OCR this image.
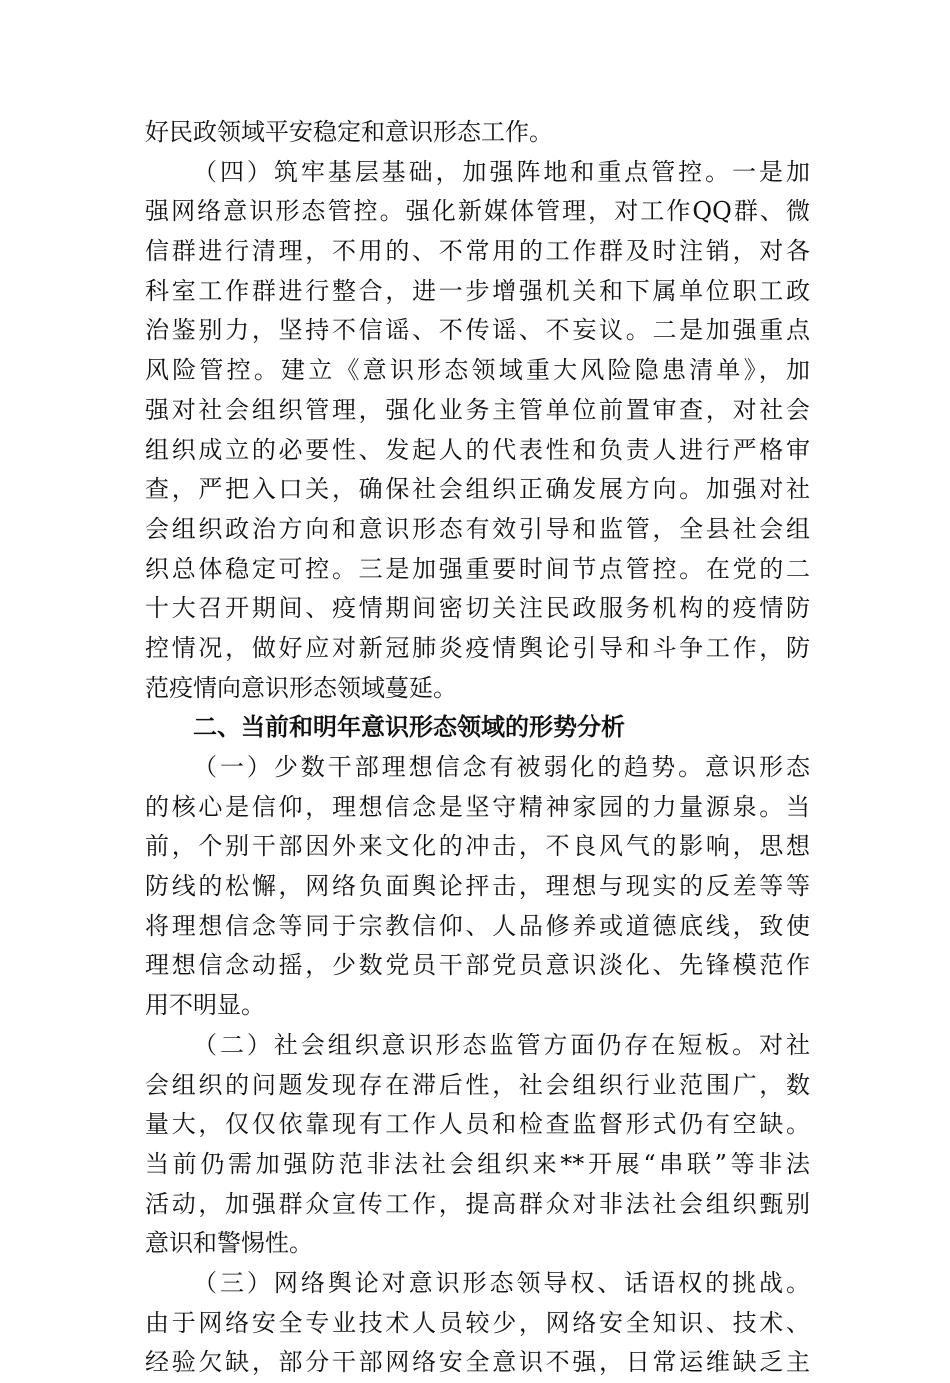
好民政领域平安稳定和意识形态工作。
（四）筑牢基层基础，加强阵地和重点管控。一是加
强网络意识形态管控。强化新媒体管理，对工作QQ群、微
信群进行清理，不用的、不常用的工作群及时注销，对各
科室工作群进行整合，进一步增强机关和下属单位职工政
治鉴别力，坚持不信谣、不传谣、不妄议。二是加强重点
风险管控。建立《意识形态领域重大风险隐患清单》，加
强对社会组织管理，强化业务主管单位前置审查，对社会
组织成立的必要性、发起人的代表性和负责人进行严格审
查，严把入口关，确保社会组织正确发展方向。加强对社
会组织政治方向和意识形态有效引导和监管，全县社会组
织总体稳定可控。三是加强重要时间节点管控。在党的二
十大召开期间、疫情期间密切关注民政服务机构的疫情防
控情况，做好应对新冠肺炎疫情舆论引导和斗争工作，防
范疫情向意识形态领域蔓延。
二、当前和明年意识形态领域的形势分析
（一）少数干部理想信念有被弱化的趋势。意识形态
的核心是信仰，理想信念是坚守精神家园的力量源泉。当
前，个别干部因外来文化的冲击，不良风气的影响，思想
防线的松懈，网络负面舆论抨击，理想与现实的反差等等
将理想信念等同于宗教信仰、人品修养或道德底线，致使
理想信念动摇，少数党员干部党员意识淡化、先锋模范作
用不明显。
（二）社会组织意识形态监管方面仍存在短板。对社
会组织的问题发现存在滞后性，社会组织行业范围广，数
量大，仅仅依靠现有工作人员和检查监督形式仍有空缺。
当前仍需加强防范非法社会组织来**开展“串联”等非法
活动，加强群众宣传工作，提高群众对非法社会组织甄别
意识和警惕性。
（三）网络舆论对意识形态领导权、话语权的挑战。
由于网络安全专业技术人员较少，网络安全知识、技术、
经验欠缺，部分干部网络安全意识不强，日常运维缺乏主
